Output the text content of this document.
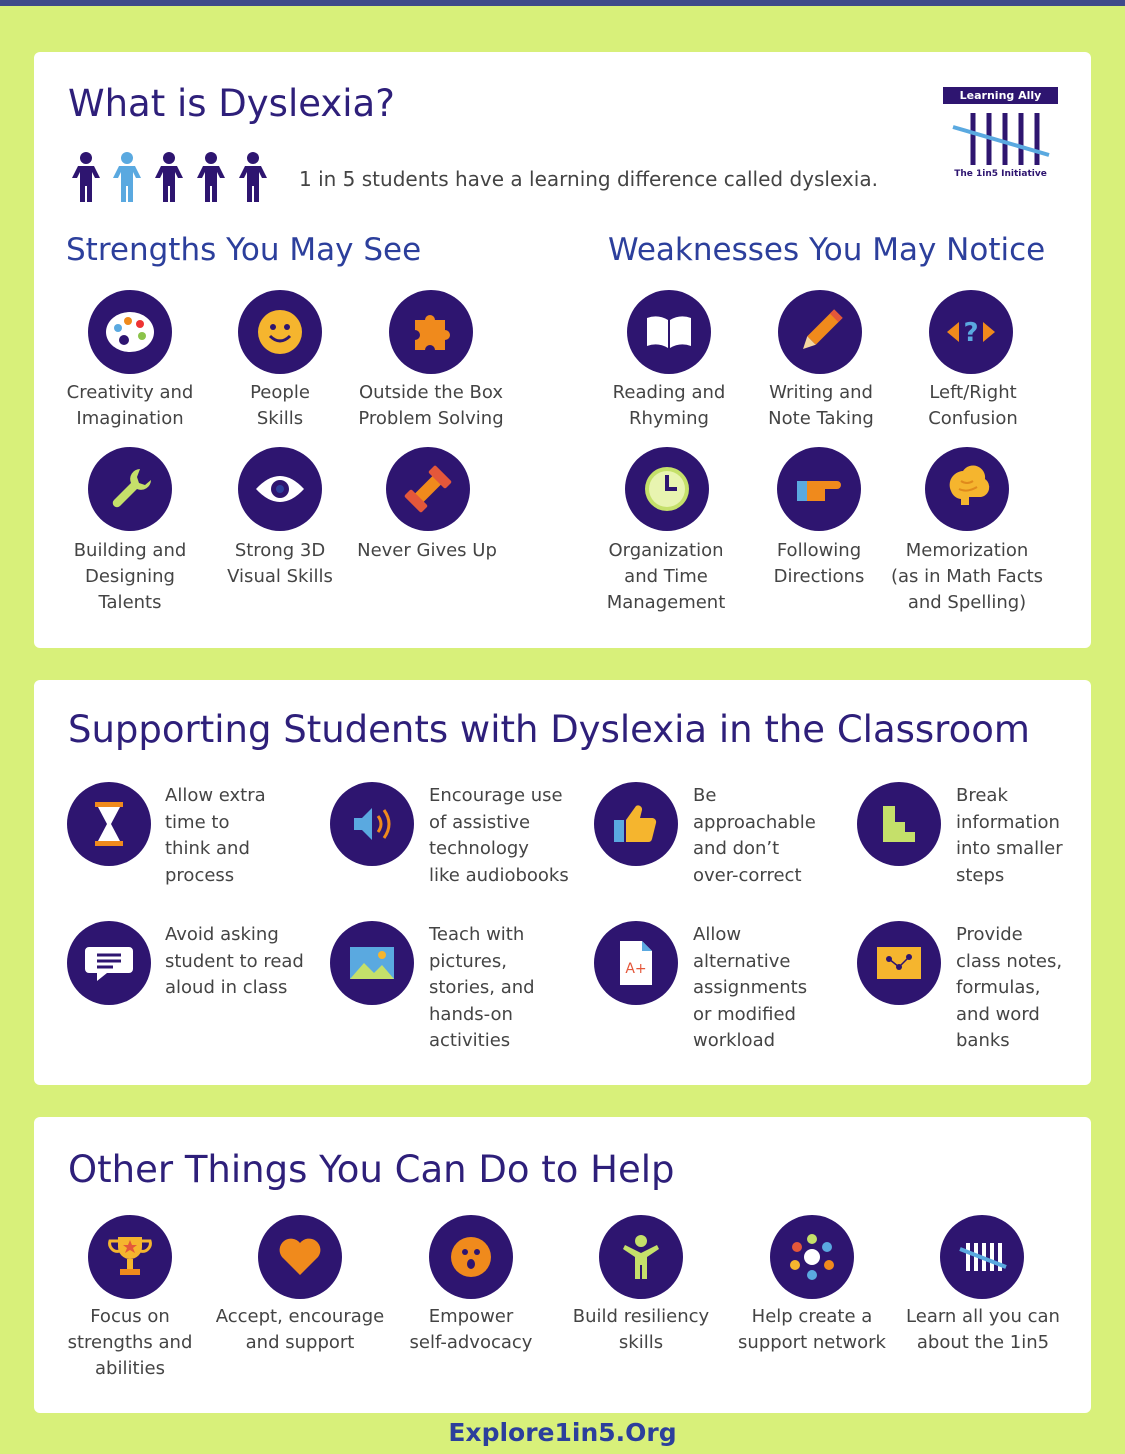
What is Dyslexia?
1 in 5 students have a learning difference called dyslexia.
Learning Ally
The 1in5 Initiative
Strengths You May See	Weaknesses You May Notice
Creativity and
Imagination
People
Skills
Outside the Box
Problem Solving
Building and
Designing
Talents
Strong 3D
Visual Skills
Never Gives Up
Reading and
Rhyming
Writing and
Note Taking
?
Left/Right
Confusion
Organization
and Time
Management
Following
Directions
Memorization
(as in Math Facts
and Spelling)
Supporting Students with Dyslexia in the Classroom
Allow extra
time to
think and
process
Encourage use
of assistive
technology
like audiobooks
Be
approachable
and don’t
over-correct
Break
information
into smaller
steps
Avoid asking
student to read
aloud in class
Teach with
pictures,
stories, and
hands-on
activities
A+
Allow
alternative
assignments
or modified
workload
Provide
class notes,
formulas,
and word
banks
Other Things You Can Do to Help
Focus on
strengths and
abilities
Accept, encourage
and support
Empower
self-advocacy
Build resiliency
skills
Help create a
support network
Learn all you can
about the 1in5
Explore1in5.Org
